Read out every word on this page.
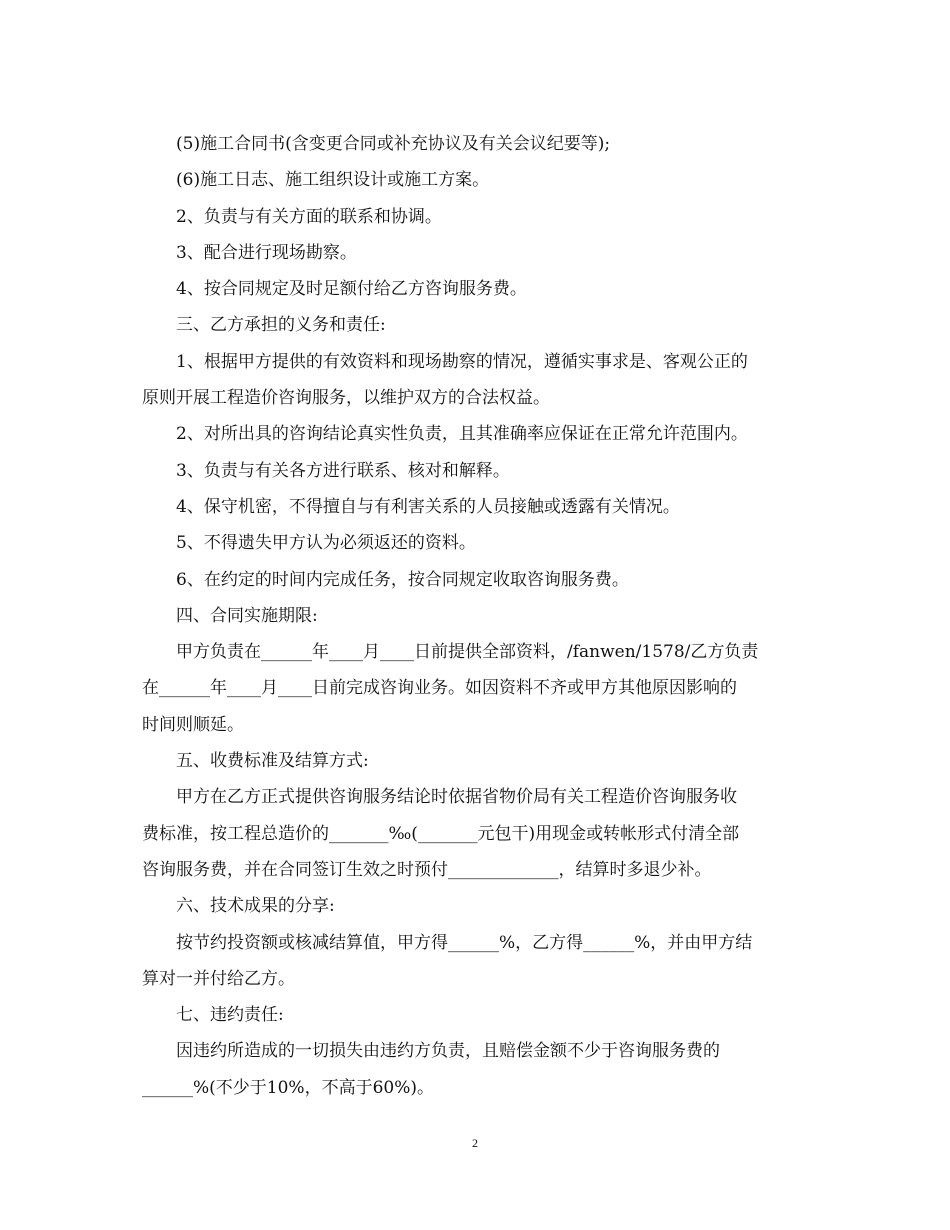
(5)施工合同书(含变更合同或补充协议及有关会议纪要等);

(6)施工日志、施工组织设计或施工方案。

2、负责与有关方面的联系和协调。

3、配合进行现场勘察。

4、按合同规定及时足额付给乙方咨询服务费。

三、乙方承担的义务和责任:

1、根据甲方提供的有效资料和现场勘察的情况，遵循实事求是、客观公正的

原则开展工程造价咨询服务，以维护双方的合法权益。

2、对所出具的咨询结论真实性负责，且其准确率应保证在正常允许范围内。

3、负责与有关各方进行联系、核对和解释。

4、保守机密，不得擅自与有利害关系的人员接触或透露有关情况。

5、不得遗失甲方认为必须返还的资料。

6、在约定的时间内完成任务，按合同规定收取咨询服务费。

四、合同实施期限:

甲方负责在______年____月____日前提供全部资料，/fanwen/1578/乙方负责

在______年____月____日前完成咨询业务。如因资料不齐或甲方其他原因影响的

时间则顺延。

五、收费标准及结算方式:

甲方在乙方正式提供咨询服务结论时依据省物价局有关工程造价咨询服务收

费标准，按工程总造价的_______‰(_______元包干)用现金或转帐形式付清全部

咨询服务费，并在合同签订生效之时预付_____________，结算时多退少补。

六、技术成果的分享:

按节约投资额或核减结算值，甲方得______%，乙方得______%，并由甲方结

算对一并付给乙方。

七、违约责任:

因违约所造成的一切损失由违约方负责，且赔偿金额不少于咨询服务费的

______%(不少于10%，不高于60%)。

2
